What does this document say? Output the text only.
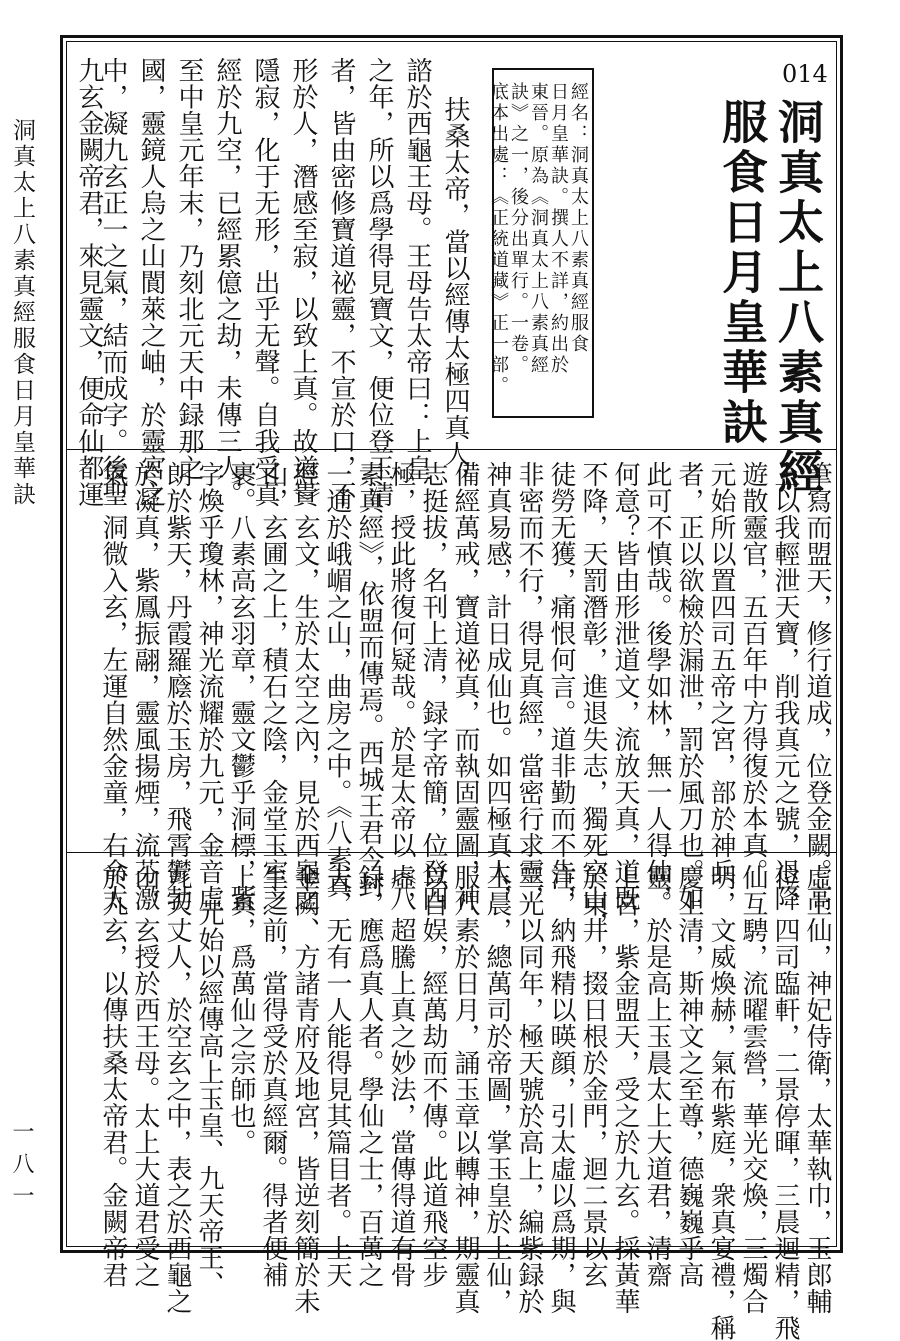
洞真太上八素真經服食日月皇華訣
一八一
014
洞真太上八素真經
服食日月皇華訣
經名：洞真太上八素真經服食
日月皇華訣。撰人不詳，約出於
東晉。原為《洞真太上八素真經
訣》之一，後分出單行。一卷。
底本出處：《正統道藏》正一部。
扶桑太帝，當以經傳太極四真人，
諮於西龜王母。王母告太帝曰：上皇
之年，所以爲學得見寶文，便位登玉清
者，皆由密修寶道祕靈，不宣於口，不
形於人，潛感至寂，以致上真。故道貴
隱寂，化于无形，出乎无聲。自我受真
經於九空，已經累億之劫，未傳三人。
至中皇元年末，乃刻北元天中録那之
國，靈鏡人烏之山閬萊之岫，於靈宮之
中，凝九玄正一之氣，結而成字。後聖
九玄金闕帝君，來見靈文，便命仙都運
筆寫而盟天，修行道成，位登金闕。高
上以我輕泄天寶，削我真元之號，退降
遊散靈官，五百年中方得復於本真。
元始所以置四司五帝之宮，部於神兵
者，正以欲檢於漏泄，罰於風刀也。如
此可不慎哉。後學如林，無一人得仙，
何意？皆由形泄道文，流放天真，道既
不降，天罰潛彰，進退失志，獨死空山，
徒勞无獲，痛恨何言。道非勤而不告，
非密而不行，得見真經，當密行求靈，
神真易感，計日成仙也。如四極真人，
備經萬戒，寶道祕真，而執固靈圖，神
志挺拔，名刊上清，録字帝簡，位登四
極，授此將復何疑哉。於是太帝以《八
素真經》，依盟而傳焉。西城王君今封
一通於峨嵋之山，曲房之中。《八素真
經》玄文，生於太空之內，見於西龜之
山，玄圃之上，積石之陰，金堂玉室之
裹。八素高玄羽章，靈文鬱乎洞標，紫
字煥乎瓊林，神光流耀於九元，金音虛
朗於紫天，丹霞羅廕於玉房，飛霄鬱勃
於凝真，紫鳳振翮，靈風揚煙，流芬激
氣，洞微入玄，左運自然金童，右命太
虛上仙，神妃侍衛，太華執巾，玉郎輔
位，四司臨軒，二景停暉，三晨迴精，飛
仙互騁，流曜雲營，華光交煥，三燭合
明，文威煥赫，氣布紫庭，衆真宴禮，稱
慶上清，斯神文之至尊，德巍巍乎高
靈。於是高上玉晨太上大道君，清齋
上宮，紫金盟天，受之於九玄。採黃華
於東井，掇日根於金門，迴二景以玄
注，納飛精以暎顔，引太虛以爲期，與
三光以同年，極天號於高上，編紫録於
玉晨，總萬司於帝圖，掌玉皇於上仙，
服八素於日月，誦玉章以轉神，期靈真
以自娱，經萬劫而不傳。此道飛空步
虛，超騰上真之妙法，當傳得道有骨
録，應爲真人者。學仙之士，百萬之
夫，无有一人能得見其篇目者。上天
金闕、方諸青府及地宮，皆逆刻簡於未
生之前，當得受於真經爾。得者便補
上真，爲萬仙之宗師也。
元始以經傳高上玉皇、九天帝王、
九天丈人，於空玄之中，表之於西龜之
山，玄授於西王母。太上大道君受之
於九玄，以傳扶桑太帝君。金闕帝君
